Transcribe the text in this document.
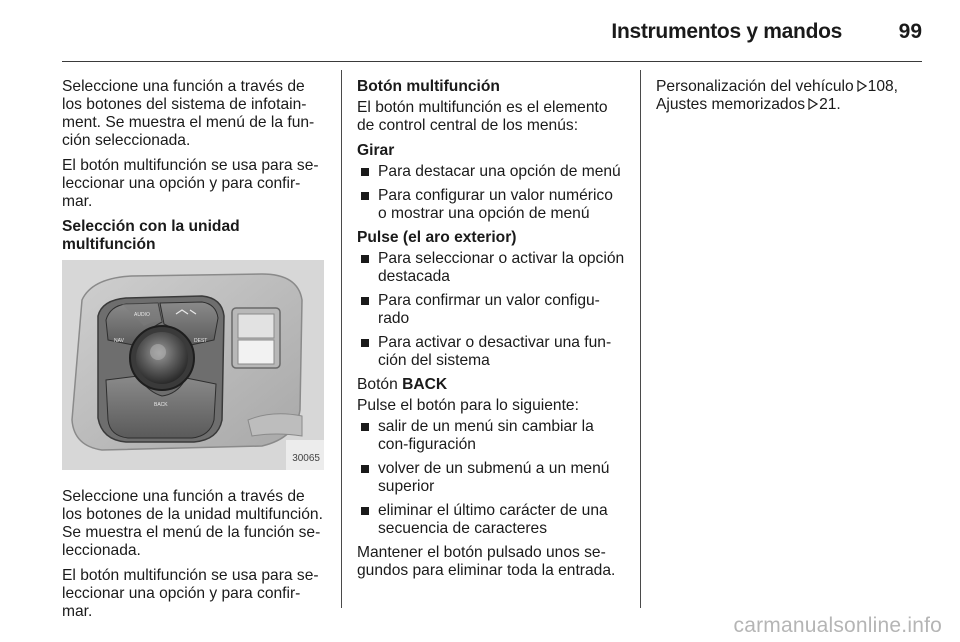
Instrumentos y mandos	99

Seleccione una función a través de los botones del sistema de infotain-ment. Se muestra el menú de la fun-ción seleccionada.

El botón multifunción se usa para se-leccionar una opción y para confir-mar.

Selección con la unidad multifunción

AUDIO
NAV	DEST
BACK
30065

Seleccione una función a través de los botones de la unidad multifunción. Se muestra el menú de la función se-leccionada.

El botón multifunción se usa para se-leccionar una opción y para confir-mar.

Botón multifunción

El botón multifunción es el elemento de control central de los menús:

Girar
Para destacar una opción de menú
Para configurar un valor numérico o mostrar una opción de menú
Pulse (el aro exterior)
Para seleccionar o activar la opción destacada
Para confirmar un valor configu-rado
Para activar o desactivar una fun-ción del sistema

Botón BACK

Pulse el botón para lo siguiente:

salir de un menú sin cambiar la con-figuración
volver de un submenú a un menú superior
eliminar el último carácter de una secuencia de caracteres

Mantener el botón pulsado unos se-gundos para eliminar toda la entrada.

Personalización del vehículo 108,
Ajustes memorizados 21.
carmanualsonline.info
